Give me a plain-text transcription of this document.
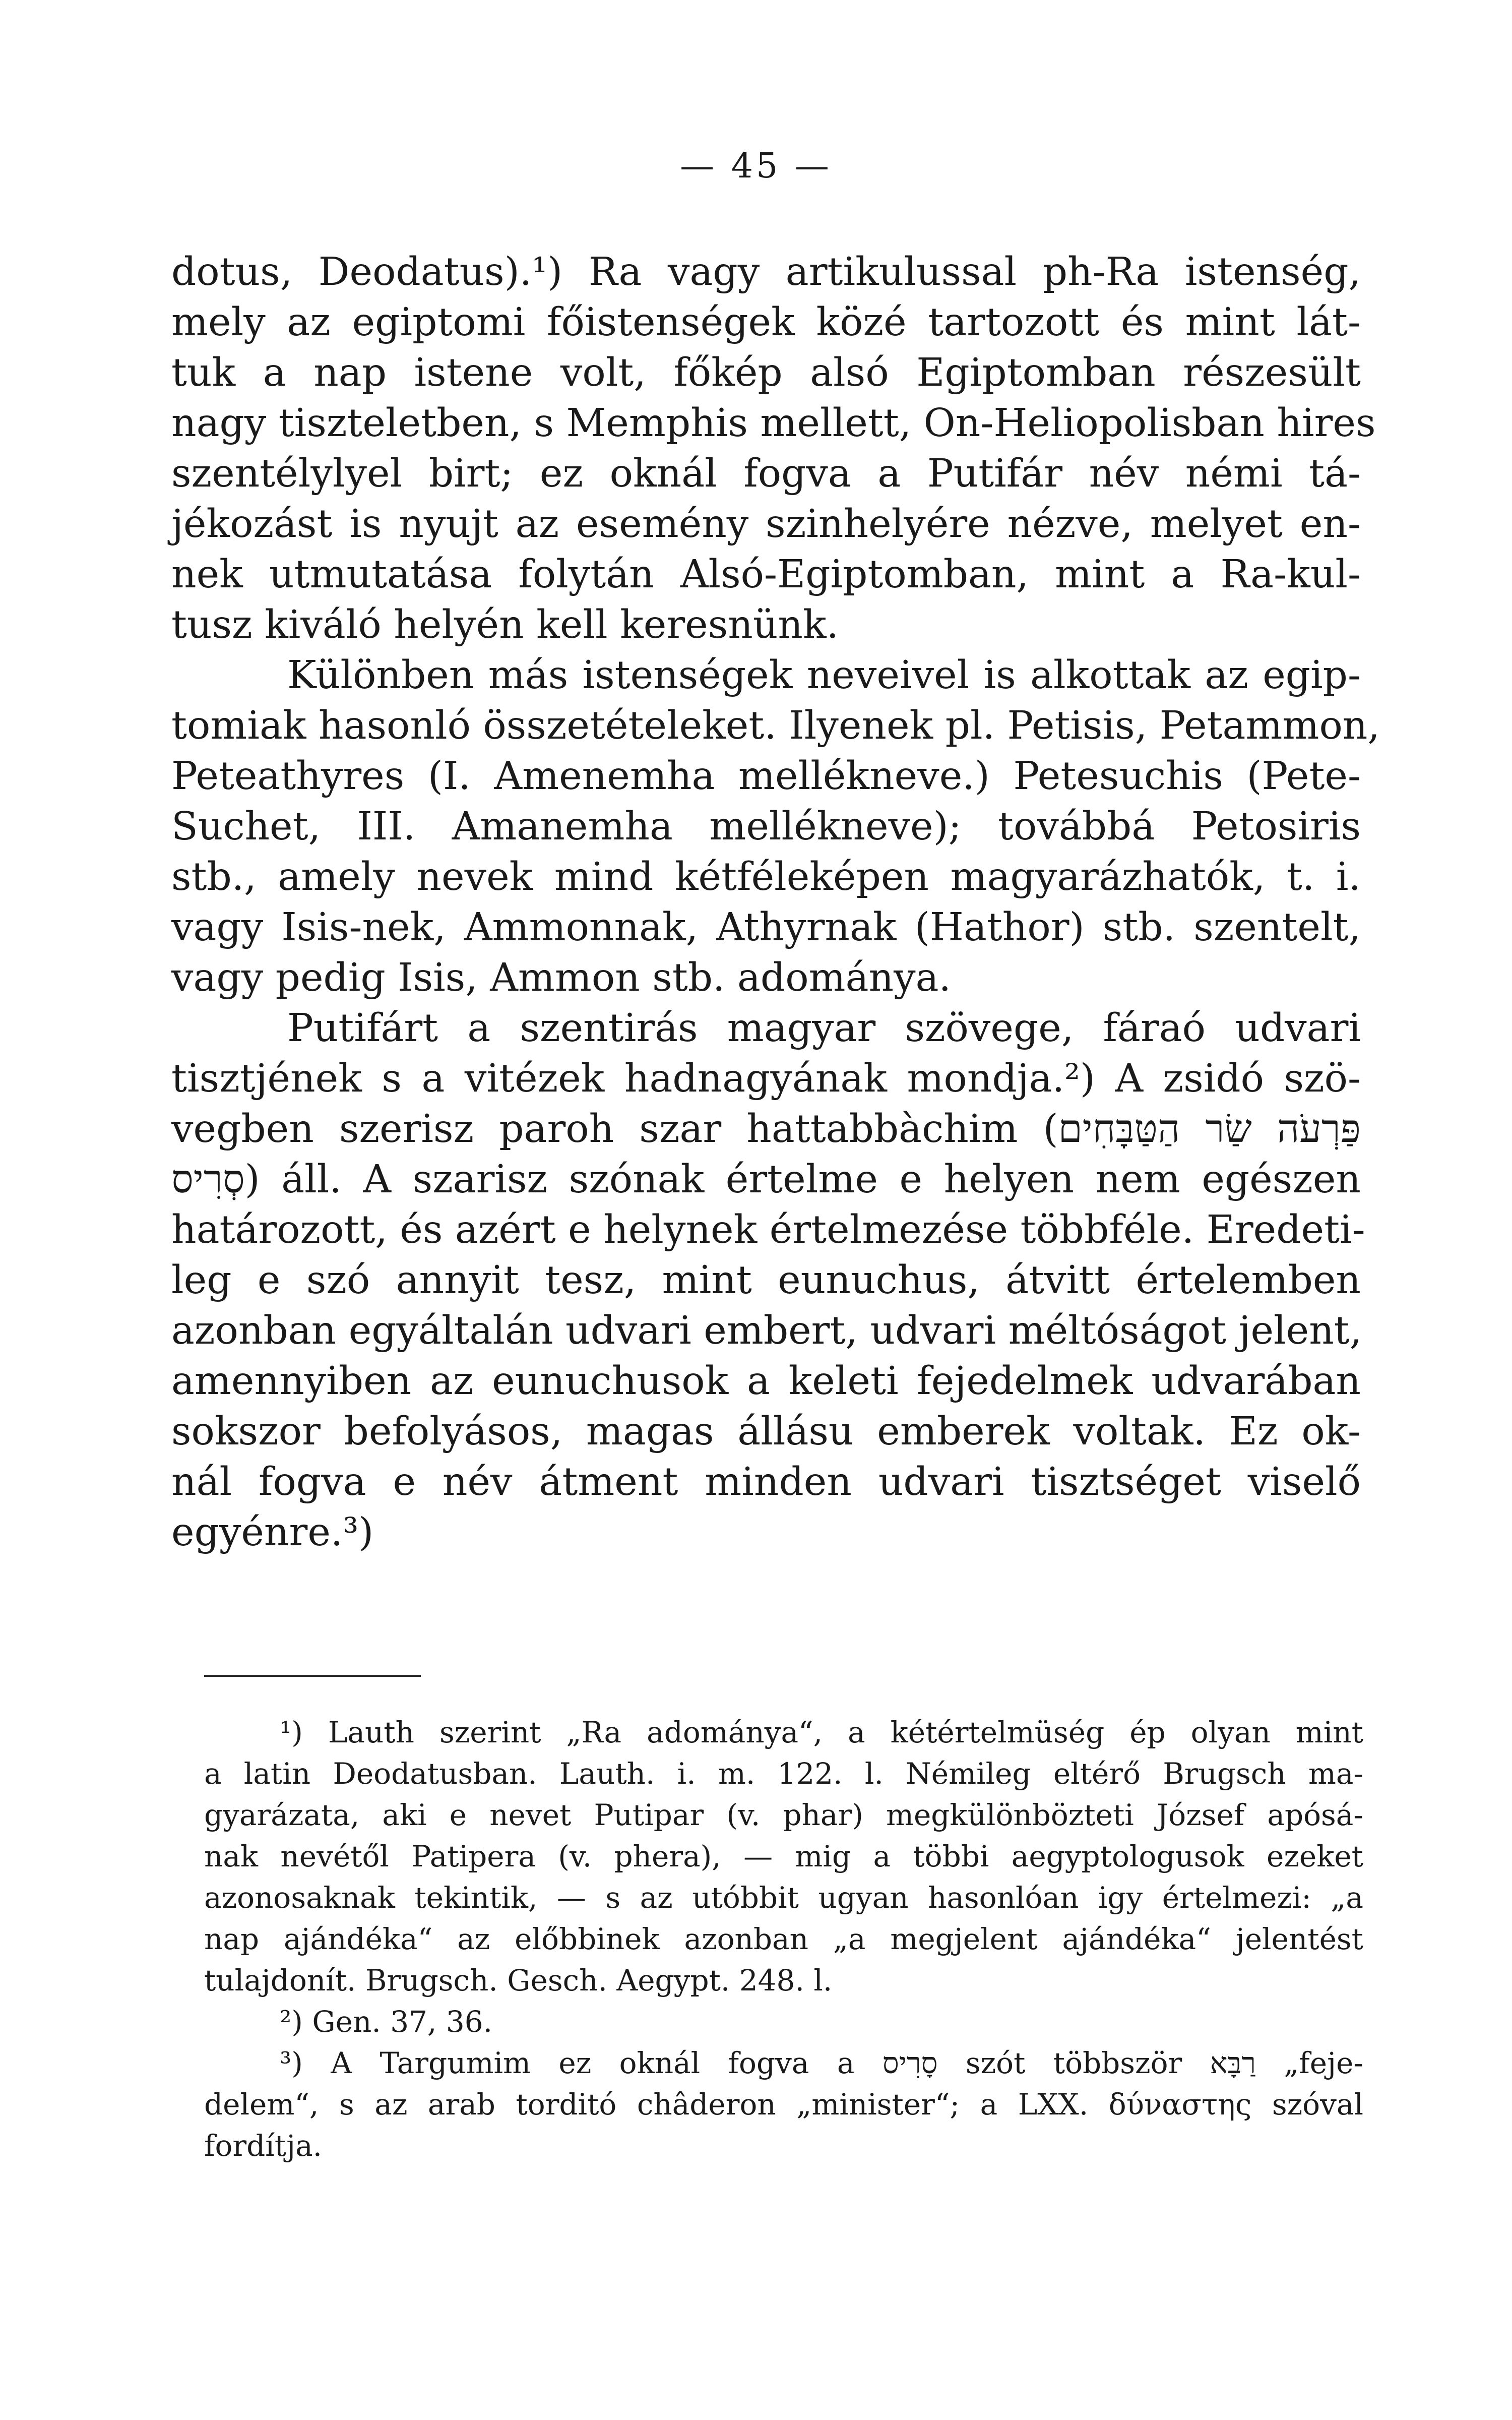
— 45 —

dotus, Deodatus).¹) Ra vagy artikulussal ph-Ra istenség,
mely az egiptomi főistenségek közé tartozott és mint lát-
tuk a nap istene volt, főkép alsó Egiptomban részesült
nagy tiszteletben, s Memphis mellett, On-Heliopolisban hires
szentélylyel birt; ez oknál fogva a Putifár név némi tá-
jékozást is nyujt az esemény szinhelyére nézve, melyet en-
nek utmutatása folytán Alsó-Egiptomban, mint a Ra-kul-
tusz kiváló helyén kell keresnünk.

Különben más istenségek neveivel is alkottak az egip-
tomiak hasonló összetételeket. Ilyenek pl. Petisis, Petammon,
Peteathyres (I. Amenemha mellékneve.) Petesuchis (Pete-
Suchet, III. Amanemha mellékneve); továbbá Petosiris
stb., amely nevek mind kétféleképen magyarázhatók, t. i.
vagy Isis-nek, Ammonnak, Athyrnak (Hathor) stb. szentelt,
vagy pedig Isis, Ammon stb. adománya.

Putifárt a szentirás magyar szövege, fáraó udvari
tisztjének s a vitézek hadnagyának mondja.²) A zsidó szö-
vegben szerisz paroh szar hattabbàchim (פַּרְעֹה שַׂר הַטַּבָּחִים
סְרִיס) áll. A szarisz szónak értelme e helyen nem egészen
határozott, és azért e helynek értelmezése többféle. Eredeti-
leg e szó annyit tesz, mint eunuchus, átvitt értelemben
azonban egyáltalán udvari embert, udvari méltóságot jelent,
amennyiben az eunuchusok a keleti fejedelmek udvarában
sokszor befolyásos, magas állásu emberek voltak. Ez ok-
nál fogva e név átment minden udvari tisztséget viselő
egyénre.³)

¹) Lauth szerint „Ra adománya“, a kétértelmüség ép olyan mint
a latin Deodatusban. Lauth. i. m. 122. l. Némileg eltérő Brugsch ma-
gyarázata, aki e nevet Putipar (v. phar) megkülönbözteti József apósá-
nak nevétől Patipera (v. phera), — mig a többi aegyptologusok ezeket
azonosaknak tekintik, — s az utóbbit ugyan hasonlóan igy értelmezi: „a
nap ajándéka“ az előbbinek azonban „a megjelent ajándéka“ jelentést
tulajdonít. Brugsch. Gesch. Aegypt. 248. l.
²) Gen. 37, 36.
³) A Targumim ez oknál fogva a סָרִיס szót többször רַבָּא „feje-
delem“, s az arab torditó châderon „minister“; a LXX. δύναστης szóval
fordítja.
